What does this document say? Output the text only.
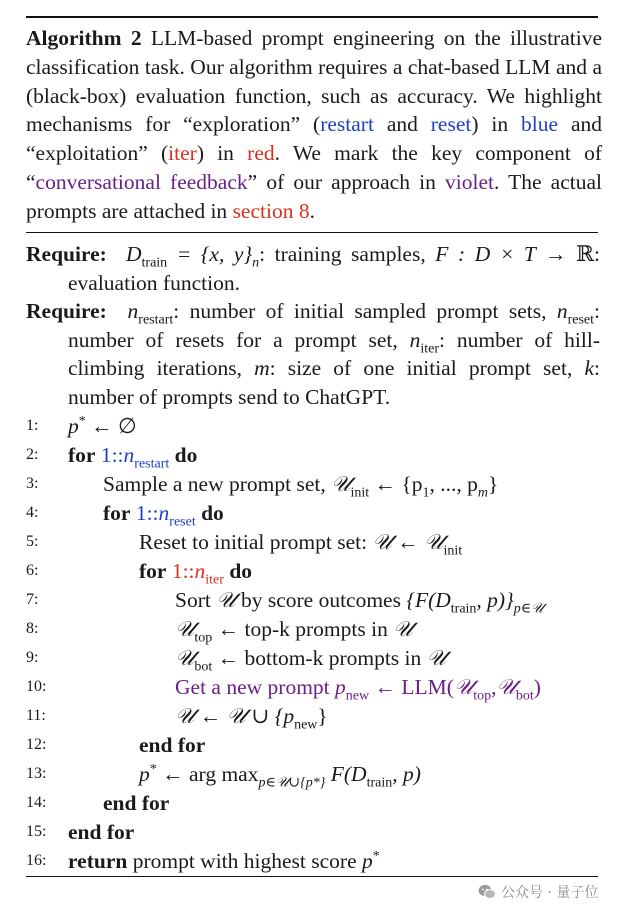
Algorithm 2 LLM-based prompt engineering on the illustrative classification task. Our algorithm requires a chat-based LLM and a (black-box) evaluation function, such as accuracy. We highlight mechanisms for “exploration” (restart and reset) in blue and “exploitation” (iter) in red. We mark the key component of “conversational feedback” of our approach in violet. The actual prompts are attached in section 8.
Require: $D_{train} = \{x$, $y\}_n$: training samples, F : D × T → ℝ: evaluation function.
Require: $n_{restart}$: number of initial sampled prompt sets, $n_{reset}$: number of resets for a prompt set, $n_{iter}$: number of hill-climbing iterations, m: size of one initial prompt set, k: number of prompts send to ChatGPT.
1:	p* ← ∅
2:	for $1::n_{restart}$ do
3:	Sample a new prompt set, 𝒰$_{init}$ ← {$p_1$, ..., $p_m$}
4:	for $1::n_{reset}$ do
5:	Reset to initial prompt set: 𝒰 ← 𝒰$_{init}$
6:	for $1::n_{iter}$ do
7:	Sort 𝒰 by score outcomes {$F(D_{train}$, $p)\}_{p\in 𝒰}$
8:	𝒰$_{top}$ ← top-k prompts in 𝒰
9:	𝒰$_{bot}$ ← bottom-k prompts in 𝒰
10:	Get a new prompt $p_{new}$ ← LLM(𝒰$_{top}$,𝒰$_{bot}$)
11:	𝒰 ← 𝒰 ∪ $\{p_{new}\}$
12:	end for
13:	p* ← arg $\max_{p\in 𝒰\cup\{p*\}} F(D_{train}$, p)
14:	end for
15:	end for
16:	return prompt with highest score p*
公众号 · 量子位
